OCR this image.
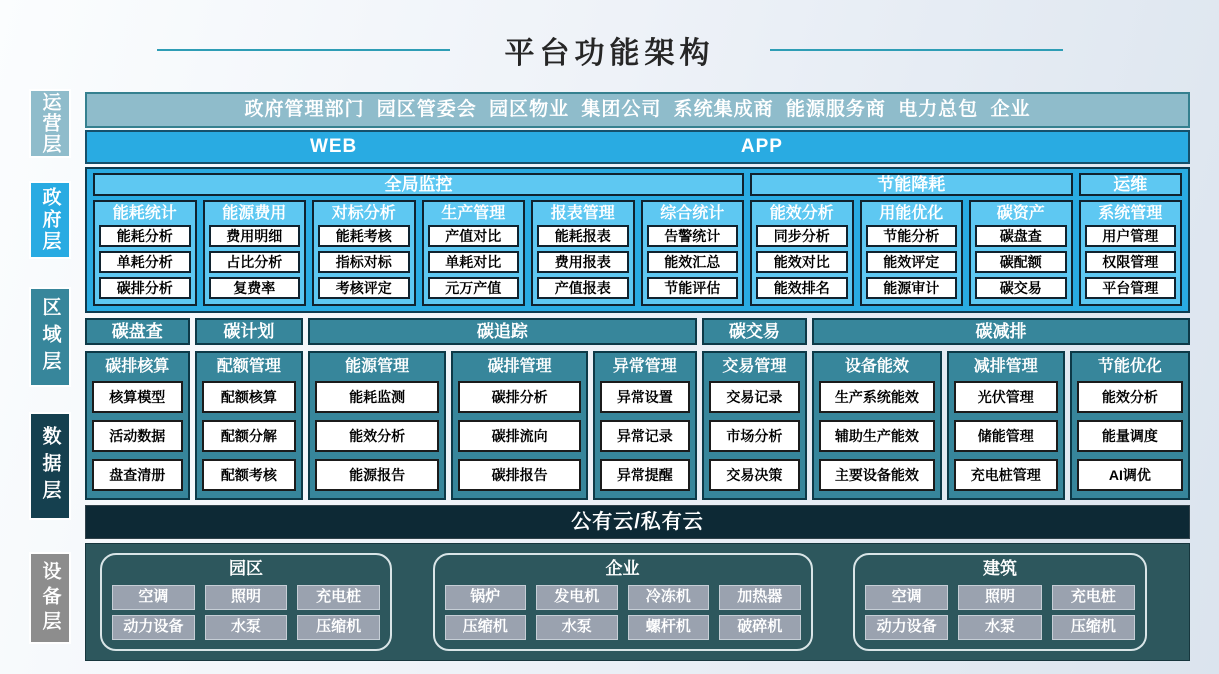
平台功能架构
运营层
政府层
区域层
数据层
设备层
政府管理部门 园区管委会 园区物业 集团公司 系统集成商 能源服务商 电力总包 企业
WEB	APP
全局监控	节能降耗	运维
能耗统计
能耗分析
单耗分析
碳排分析
能源费用
费用明细
占比分析
复费率
对标分析
能耗考核
指标对标
考核评定
生产管理
产值对比
单耗对比
元万产值
报表管理
能耗报表
费用报表
产值报表
综合统计
告警统计
能效汇总
节能评估
能效分析
同步分析
能效对比
能效排名
用能优化
节能分析
能效评定
能源审计
碳资产
碳盘查
碳配额
碳交易
系统管理
用户管理
权限管理
平台管理
碳盘查	碳计划	碳追踪	碳交易	碳减排
碳排核算
核算模型
活动数据
盘查清册
配额管理
配额核算
配额分解
配额考核
能源管理
能耗监测
能效分析
能源报告
碳排管理
碳排分析
碳排流向
碳排报告
异常管理
异常设置
异常记录
异常提醒
交易管理
交易记录
市场分析
交易决策
设备能效
生产系统能效
辅助生产能效
主要设备能效
减排管理
光伏管理
储能管理
充电桩管理
节能优化
能效分析
能量调度
AI调优
公有云/私有云
园区
空调	照明	充电桩
动力设备	水泵	压缩机
企业
锅炉	发电机	冷冻机	加热器
压缩机	水泵	螺杆机	破碎机
建筑
空调	照明	充电桩
动力设备	水泵	压缩机
